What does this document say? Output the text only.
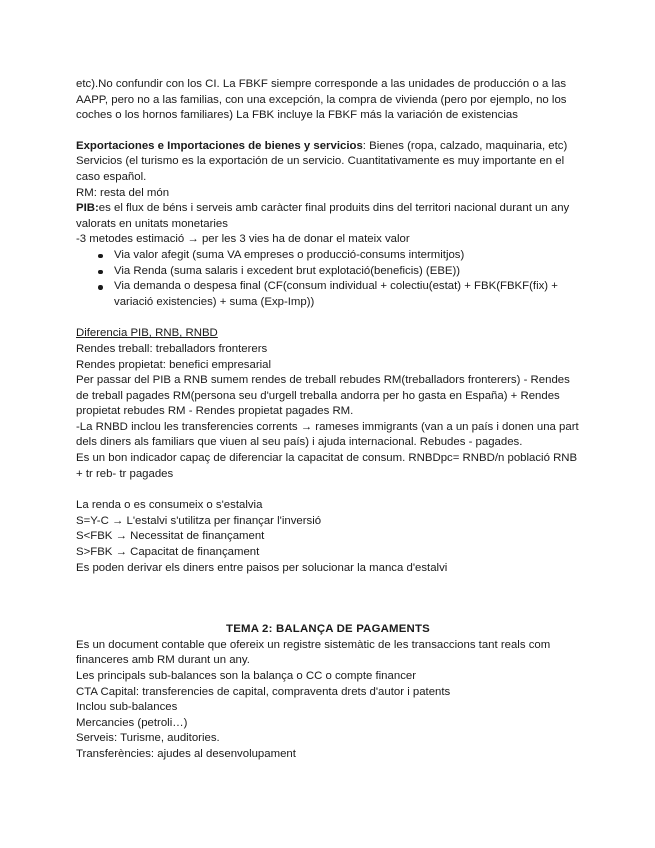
etc).No confundir con los CI. La FBKF siempre corresponde a las unidades de producción o a las AAPP, pero no a las familias, con una excepción, la compra de vivienda (pero por ejemplo, no los coches o los hornos familiares) La FBK incluye la FBKF más la variación de existencias

Exportaciones e Importaciones de bienes y servicios: Bienes (ropa, calzado, maquinaria, etc) Servicios (el turismo es la exportación de un servicio. Cuantitativamente es muy importante en el caso español.

RM: resta del món

PIB:es el flux de béns i serveis amb caràcter final produits dins del territori nacional durant un any valorats en unitats monetaries

-3 metodes estimació → per les 3 vies ha de donar el mateix valor

Via valor afegit (suma VA empreses o producció-consums intermitjos)
Via Renda (suma salaris i excedent brut explotació(beneficis) (EBE))
Via demanda o despesa final (CF(consum individual + colectiu(estat) + FBK(FBKF(fix) + variació existencies) + suma (Exp-Imp))

Diferencia PIB, RNB, RNBD

Rendes treball: treballadors fronterers

Rendes propietat: benefici empresarial

Per passar del PIB a RNB sumem rendes de treball rebudes RM(treballadors fronterers) - Rendes de treball pagades RM(persona seu d'urgell treballa andorra per ho gasta en España) + Rendes propietat rebudes RM - Rendes propietat pagades RM.

-La RNBD inclou les transferencies corrents → rameses immigrants (van a un país i donen una part dels diners als familiars que viuen al seu país) i ajuda internacional. Rebudes - pagades.

Es un bon indicador capaç de diferenciar la capacitat de consum. RNBDpc= RNBD/n població RNB + tr reb- tr pagades

La renda o es consumeix o s'estalvia

S=Y-C → L'estalvi s'utilitza per finançar l'inversió

S<FBK → Necessitat de finançament

S>FBK → Capacitat de finançament

Es poden derivar els diners entre paisos per solucionar la manca d'estalvi

TEMA 2: BALANÇA DE PAGAMENTS

Es un document contable que ofereix un registre sistemàtic de les transaccions tant reals com financeres amb RM durant un any.

Les principals sub-balances son la balança o CC o compte financer

CTA Capital: transferencies de capital, compraventa drets d'autor i patents

Inclou sub-balances

Mercancies (petroli…)

Serveis: Turisme, auditories.

Transferències: ajudes al desenvolupament
